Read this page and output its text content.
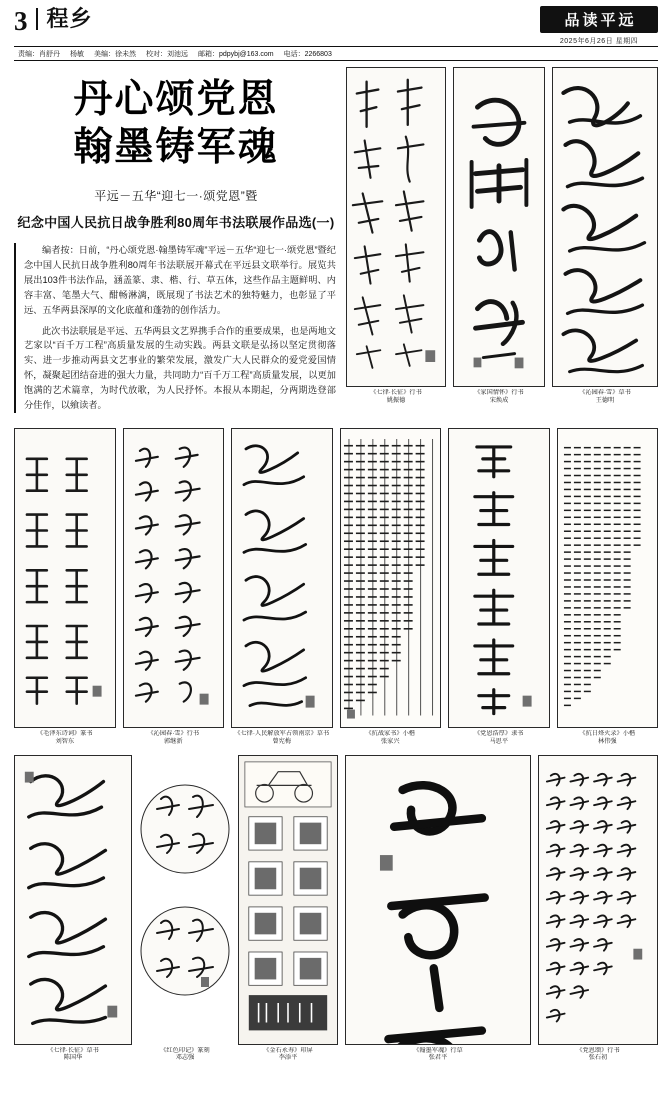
3 程乡	品读平远
2025年6月26日 星期四
责编：肖舒丹 杨敏 美编：徐未然 校对：刘池远 邮箱：pdpybj@163.com 电话：2266803
丹心颂党恩
翰墨铸军魂
平远－五华“迎七一·颂党恩”暨
纪念中国人民抗日战争胜利80周年书法联展作品选(一)

编者按：日前，“丹心颂党恩·翰墨铸军魂”平远－五华“迎七一·颂党恩”暨纪念中国人民抗日战争胜利80周年书法联展开幕式在平远县文联举行。展览共展出103件书法作品，涵盖篆、隶、楷、行、草五体，这些作品主题鲜明、内容丰富、笔墨大气、酣畅淋漓，既展现了书法艺术的独特魅力，也彰显了平远、五华两县深厚的文化底蕴和蓬勃的创作活力。

此次书法联展是平远、五华两县文艺界携手合作的重要成果，也是两地文艺家以“百千万工程”高质量发展的生动实践。两县文联是弘扬以坚定贯彻落实、进一步推动两县文艺事业的繁荣发展，激发广大人民群众的爱党爱国情怀，凝聚起团结奋进的强大力量，共同助力“百千万工程”高质量发展，以更加饱满的艺术篇章，为时代放歌，为人民抒怀。本报从本期起，分两期选登部分佳作，以飨读者。

《七律·长征》行书
姚振德
《家国情怀》行书
宋焕成
《沁园春·雪》草书
王德明
《毛泽东诗词》篆书
刘智东
《沁园春·雪》行书
郭继新
《七律·人民解放军占领南京》草书
曾宪梅
《抗战家书》小楷
张家兴
《党恩浩厚》隶书
马思平
《抗日烽火录》小楷
林伟强
《七律·长征》草书
陈国华
《红色印记》篆刻
邓志强
《金石永寿》印屏
李添平
《翰墨军魂》行草
张君平
《党恩颂》行书
张石初
